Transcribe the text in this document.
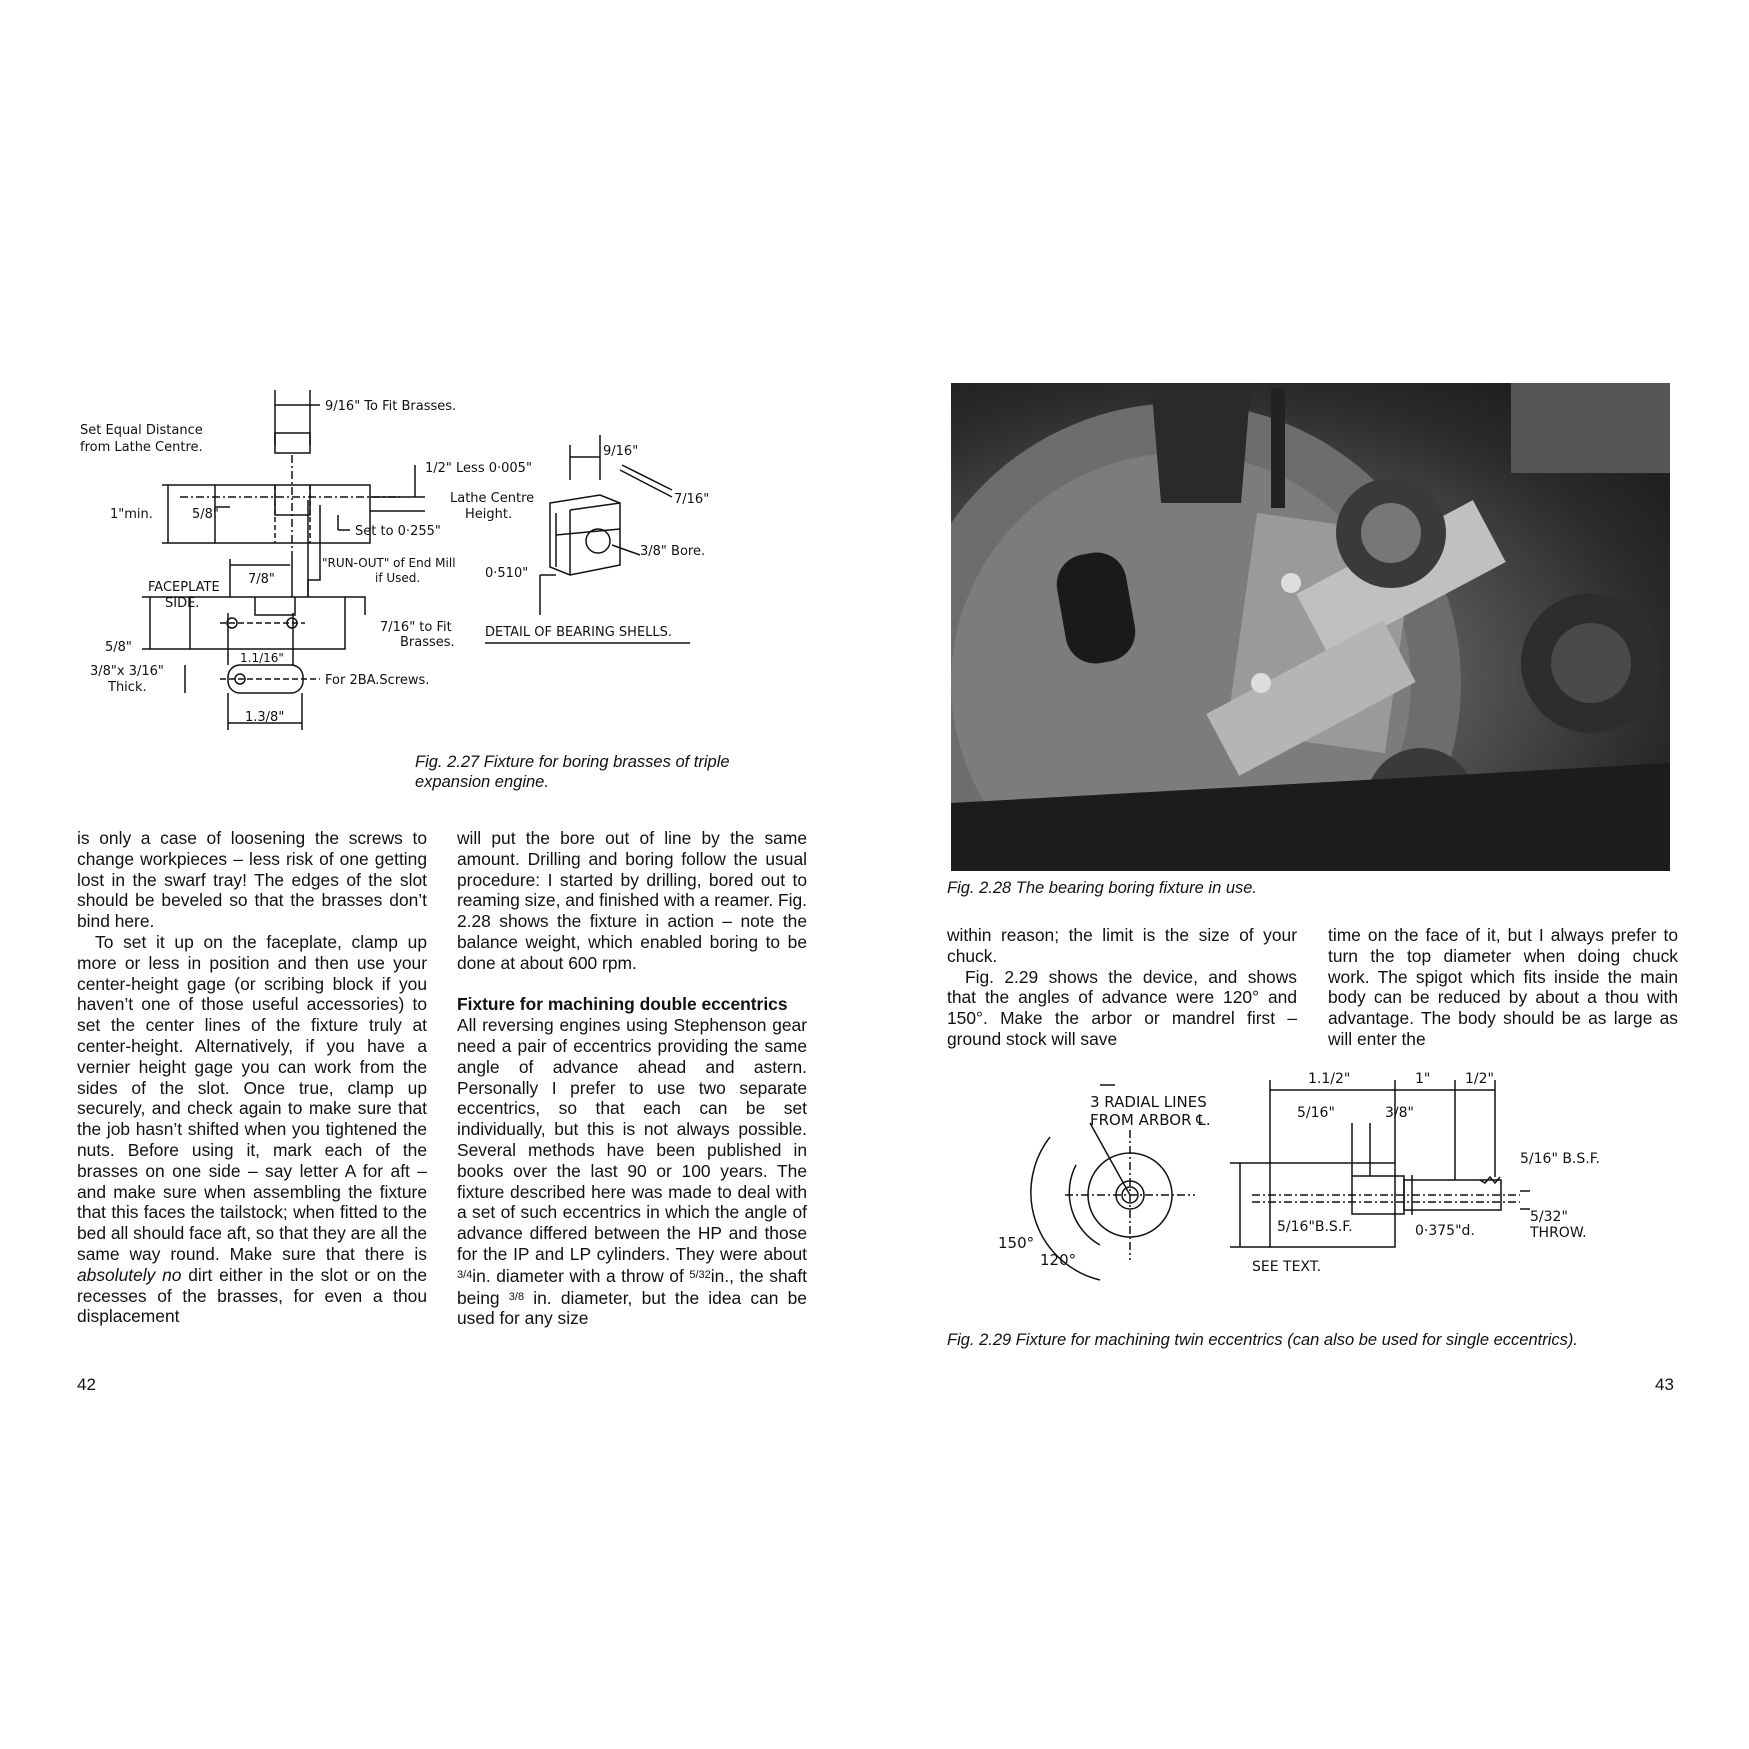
9/16" To Fit Brasses.
Set Equal Distance
from Lathe Centre.
1/2" Less 0·005"
Lathe Centre
Height.
1"min.	5/8"
Set to 0·255"
"RUN-OUT" of End Mill
if Used.
FACEPLATE
SIDE.
7/8"
5/8"
7/16" to Fit
Brasses.
For 2BA.Screws.
1.1/16"
3/8"x 3/16"
Thick.
1.3/8"
9/16"
7/16"
3/8" Bore.
0·510"
DETAIL OF BEARING SHELLS.
Fig. 2.27 Fixture for boring brasses of triple
expansion engine.

is only a case of loosening the screws to change workpieces – less risk of one getting lost in the swarf tray! The edges of the slot should be beveled so that the brasses don’t bind here.

To set it up on the faceplate, clamp up more or less in position and then use your center-height gage (or scribing block if you haven’t one of those useful accessories) to set the center lines of the fixture truly at center-height. Alternatively, if you have a vernier height gage you can work from the sides of the slot. Once true, clamp up securely, and check again to make sure that the job hasn’t shifted when you tightened the nuts. Before using it, mark each of the brasses on one side – say letter A for aft – and make sure when assembling the fixture that this faces the tailstock; when fitted to the bed all should face aft, so that they are all the same way round. Make sure that there is absolutely no dirt either in the slot or on the recesses of the brasses, for even a thou displacement

will put the bore out of line by the same amount. Drilling and boring follow the usual procedure: I started by drilling, bored out to reaming size, and finished with a reamer. Fig. 2.28 shows the fixture in action – note the balance weight, which enabled boring to be done at about 600 rpm.

Fixture for machining double eccentrics

All reversing engines using Stephenson gear need a pair of eccentrics providing the same angle of advance ahead and astern. Personally I prefer to use two separate eccentrics, so that each can be set individually, but this is not always possible. Several methods have been published in books over the last 90 or 100 years. The fixture described here was made to deal with a set of such eccentrics in which the angle of advance differed between the HP and those for the IP and LP cylinders. They were about $^{3/4}$in. diameter with a throw of $^{5/32}$in., the shaft being $^{3/8}$ in. diameter, but the idea can be used for any size

42
Fig. 2.28 The bearing boring fixture in use.

within reason; the limit is the size of your chuck.

Fig. 2.29 shows the device, and shows that the angles of advance were 120° and 150°. Make the arbor or mandrel first – ground stock will save

time on the face of it, but I always prefer to turn the top diameter when doing chuck work. The spigot which fits inside the main body can be reduced by about a thou with advantage. The body should be as large as will enter the

3 RADIAL LINES
FROM ARBOR ℄.
150°
120°
1.1/2"	1" 1/2"
5/16"	3/8"
5/16" B.S.F.
5/16"B.S.F.	0·375"d.
5/32"
THROW.
SEE TEXT.
Fig. 2.29 Fixture for machining twin eccentrics (can also be used for single eccentrics).
43
